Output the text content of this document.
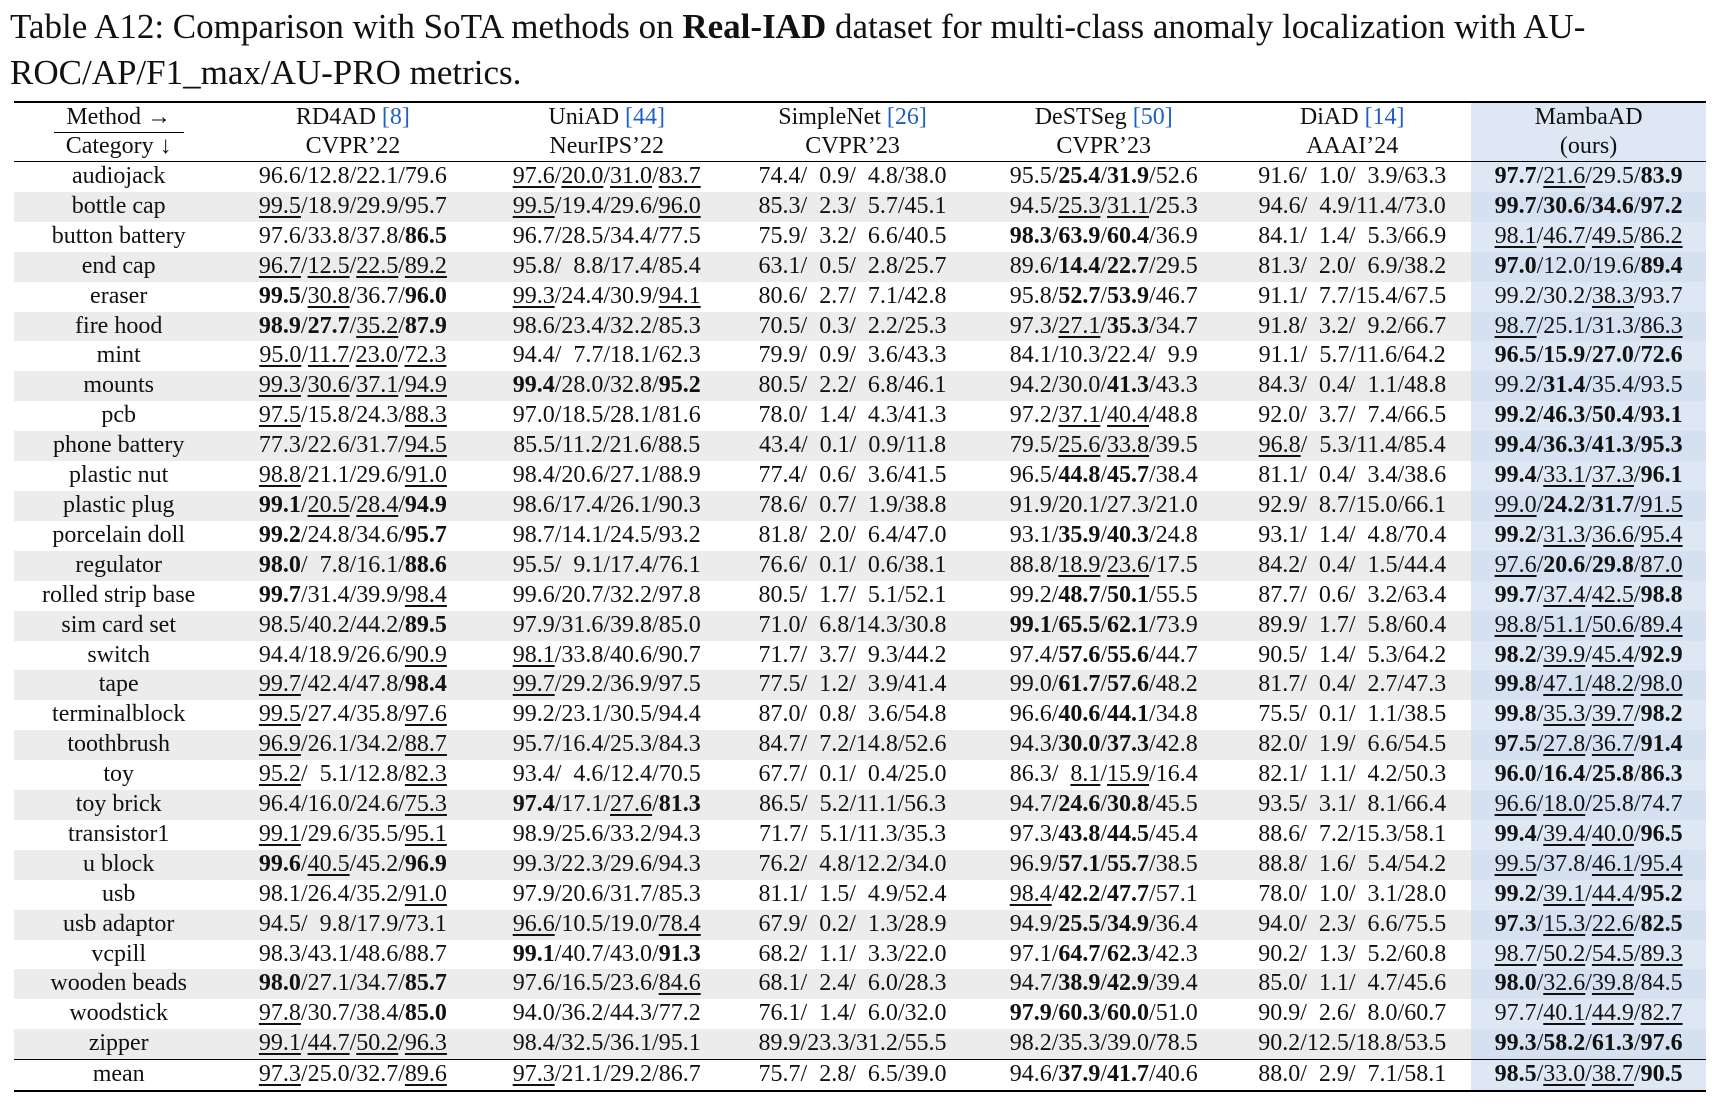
Table A12: Comparison with SoTA methods on Real-IAD dataset for multi-class anomaly localization with AU-ROC/AP/F1_max/AU-PRO metrics.
Method →	RD4AD [8]	UniAD [44]	SimpleNet [26]	DeSTSeg [50]	DiAD [14]	MambaAD
Category ↓	CVPR’22	NeurIPS’22	CVPR’23	CVPR’23	AAAI’24	(ours)
audiojack	96.6/12.8/22.1/79.6	97.6/20.0/31.0/83.7	74.4/  0.9/  4.8/38.0	95.5/25.4/31.9/52.6	91.6/  1.0/  3.9/63.3	97.7/21.6/29.5/83.9
bottle cap	99.5/18.9/29.9/95.7	99.5/19.4/29.6/96.0	85.3/  2.3/  5.7/45.1	94.5/25.3/31.1/25.3	94.6/  4.9/11.4/73.0	99.7/30.6/34.6/97.2
button battery	97.6/33.8/37.8/86.5	96.7/28.5/34.4/77.5	75.9/  3.2/  6.6/40.5	98.3/63.9/60.4/36.9	84.1/  1.4/  5.3/66.9	98.1/46.7/49.5/86.2
end cap	96.7/12.5/22.5/89.2	95.8/  8.8/17.4/85.4	63.1/  0.5/  2.8/25.7	89.6/14.4/22.7/29.5	81.3/  2.0/  6.9/38.2	97.0/12.0/19.6/89.4
eraser	99.5/30.8/36.7/96.0	99.3/24.4/30.9/94.1	80.6/  2.7/  7.1/42.8	95.8/52.7/53.9/46.7	91.1/  7.7/15.4/67.5	99.2/30.2/38.3/93.7
fire hood	98.9/27.7/35.2/87.9	98.6/23.4/32.2/85.3	70.5/  0.3/  2.2/25.3	97.3/27.1/35.3/34.7	91.8/  3.2/  9.2/66.7	98.7/25.1/31.3/86.3
mint	95.0/11.7/23.0/72.3	94.4/  7.7/18.1/62.3	79.9/  0.9/  3.6/43.3	84.1/10.3/22.4/  9.9	91.1/  5.7/11.6/64.2	96.5/15.9/27.0/72.6
mounts	99.3/30.6/37.1/94.9	99.4/28.0/32.8/95.2	80.5/  2.2/  6.8/46.1	94.2/30.0/41.3/43.3	84.3/  0.4/  1.1/48.8	99.2/31.4/35.4/93.5
pcb	97.5/15.8/24.3/88.3	97.0/18.5/28.1/81.6	78.0/  1.4/  4.3/41.3	97.2/37.1/40.4/48.8	92.0/  3.7/  7.4/66.5	99.2/46.3/50.4/93.1
phone battery	77.3/22.6/31.7/94.5	85.5/11.2/21.6/88.5	43.4/  0.1/  0.9/11.8	79.5/25.6/33.8/39.5	96.8/  5.3/11.4/85.4	99.4/36.3/41.3/95.3
plastic nut	98.8/21.1/29.6/91.0	98.4/20.6/27.1/88.9	77.4/  0.6/  3.6/41.5	96.5/44.8/45.7/38.4	81.1/  0.4/  3.4/38.6	99.4/33.1/37.3/96.1
plastic plug	99.1/20.5/28.4/94.9	98.6/17.4/26.1/90.3	78.6/  0.7/  1.9/38.8	91.9/20.1/27.3/21.0	92.9/  8.7/15.0/66.1	99.0/24.2/31.7/91.5
porcelain doll	99.2/24.8/34.6/95.7	98.7/14.1/24.5/93.2	81.8/  2.0/  6.4/47.0	93.1/35.9/40.3/24.8	93.1/  1.4/  4.8/70.4	99.2/31.3/36.6/95.4
regulator	98.0/  7.8/16.1/88.6	95.5/  9.1/17.4/76.1	76.6/  0.1/  0.6/38.1	88.8/18.9/23.6/17.5	84.2/  0.4/  1.5/44.4	97.6/20.6/29.8/87.0
rolled strip base	99.7/31.4/39.9/98.4	99.6/20.7/32.2/97.8	80.5/  1.7/  5.1/52.1	99.2/48.7/50.1/55.5	87.7/  0.6/  3.2/63.4	99.7/37.4/42.5/98.8
sim card set	98.5/40.2/44.2/89.5	97.9/31.6/39.8/85.0	71.0/  6.8/14.3/30.8	99.1/65.5/62.1/73.9	89.9/  1.7/  5.8/60.4	98.8/51.1/50.6/89.4
switch	94.4/18.9/26.6/90.9	98.1/33.8/40.6/90.7	71.7/  3.7/  9.3/44.2	97.4/57.6/55.6/44.7	90.5/  1.4/  5.3/64.2	98.2/39.9/45.4/92.9
tape	99.7/42.4/47.8/98.4	99.7/29.2/36.9/97.5	77.5/  1.2/  3.9/41.4	99.0/61.7/57.6/48.2	81.7/  0.4/  2.7/47.3	99.8/47.1/48.2/98.0
terminalblock	99.5/27.4/35.8/97.6	99.2/23.1/30.5/94.4	87.0/  0.8/  3.6/54.8	96.6/40.6/44.1/34.8	75.5/  0.1/  1.1/38.5	99.8/35.3/39.7/98.2
toothbrush	96.9/26.1/34.2/88.7	95.7/16.4/25.3/84.3	84.7/  7.2/14.8/52.6	94.3/30.0/37.3/42.8	82.0/  1.9/  6.6/54.5	97.5/27.8/36.7/91.4
toy	95.2/  5.1/12.8/82.3	93.4/  4.6/12.4/70.5	67.7/  0.1/  0.4/25.0	86.3/  8.1/15.9/16.4	82.1/  1.1/  4.2/50.3	96.0/16.4/25.8/86.3
toy brick	96.4/16.0/24.6/75.3	97.4/17.1/27.6/81.3	86.5/  5.2/11.1/56.3	94.7/24.6/30.8/45.5	93.5/  3.1/  8.1/66.4	96.6/18.0/25.8/74.7
transistor1	99.1/29.6/35.5/95.1	98.9/25.6/33.2/94.3	71.7/  5.1/11.3/35.3	97.3/43.8/44.5/45.4	88.6/  7.2/15.3/58.1	99.4/39.4/40.0/96.5
u block	99.6/40.5/45.2/96.9	99.3/22.3/29.6/94.3	76.2/  4.8/12.2/34.0	96.9/57.1/55.7/38.5	88.8/  1.6/  5.4/54.2	99.5/37.8/46.1/95.4
usb	98.1/26.4/35.2/91.0	97.9/20.6/31.7/85.3	81.1/  1.5/  4.9/52.4	98.4/42.2/47.7/57.1	78.0/  1.0/  3.1/28.0	99.2/39.1/44.4/95.2
usb adaptor	94.5/  9.8/17.9/73.1	96.6/10.5/19.0/78.4	67.9/  0.2/  1.3/28.9	94.9/25.5/34.9/36.4	94.0/  2.3/  6.6/75.5	97.3/15.3/22.6/82.5
vcpill	98.3/43.1/48.6/88.7	99.1/40.7/43.0/91.3	68.2/  1.1/  3.3/22.0	97.1/64.7/62.3/42.3	90.2/  1.3/  5.2/60.8	98.7/50.2/54.5/89.3
wooden beads	98.0/27.1/34.7/85.7	97.6/16.5/23.6/84.6	68.1/  2.4/  6.0/28.3	94.7/38.9/42.9/39.4	85.0/  1.1/  4.7/45.6	98.0/32.6/39.8/84.5
woodstick	97.8/30.7/38.4/85.0	94.0/36.2/44.3/77.2	76.1/  1.4/  6.0/32.0	97.9/60.3/60.0/51.0	90.9/  2.6/  8.0/60.7	97.7/40.1/44.9/82.7
zipper	99.1/44.7/50.2/96.3	98.4/32.5/36.1/95.1	89.9/23.3/31.2/55.5	98.2/35.3/39.0/78.5	90.2/12.5/18.8/53.5	99.3/58.2/61.3/97.6
mean	97.3/25.0/32.7/89.6	97.3/21.1/29.2/86.7	75.7/  2.8/  6.5/39.0	94.6/37.9/41.7/40.6	88.0/  2.9/  7.1/58.1	98.5/33.0/38.7/90.5
